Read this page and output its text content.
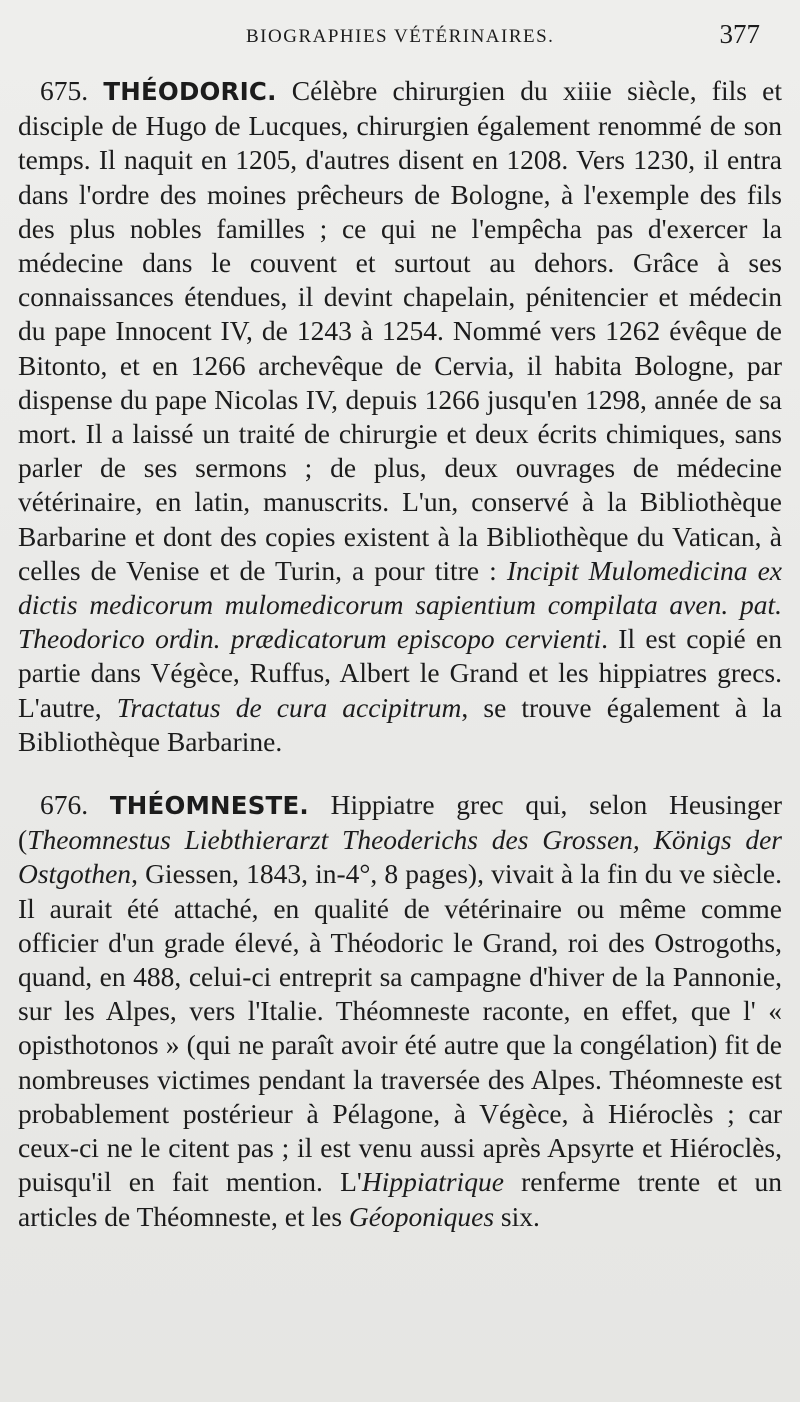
BIOGRAPHIES VÉTÉRINAIRES.	377

675. THÉODORIC. Célèbre chirurgien du xiiie siècle, fils et disciple de Hugo de Lucques, chirurgien également renommé de son temps. Il naquit en 1205, d'autres disent en 1208. Vers 1230, il entra dans l'ordre des moines prêcheurs de Bologne, à l'exemple des fils des plus nobles familles ; ce qui ne l'empêcha pas d'exercer la médecine dans le couvent et surtout au dehors. Grâce à ses connaissances étendues, il devint chapelain, pénitencier et médecin du pape Innocent IV, de 1243 à 1254. Nommé vers 1262 évêque de Bitonto, et en 1266 archevêque de Cervia, il habita Bologne, par dispense du pape Nicolas IV, depuis 1266 jusqu'en 1298, année de sa mort. Il a laissé un traité de chirurgie et deux écrits chimiques, sans parler de ses sermons ; de plus, deux ouvrages de médecine vétérinaire, en latin, manuscrits. L'un, conservé à la Bibliothèque Barbarine et dont des copies existent à la Bibliothèque du Vatican, à celles de Venise et de Turin, a pour titre : Incipit Mulomedicina ex dictis medicorum mulomedicorum sapientium compilata aven. pat. Theodorico ordin. prædicatorum episcopo cervienti. Il est copié en partie dans Végèce, Ruffus, Albert le Grand et les hippiatres grecs. L'autre, Tractatus de cura accipitrum, se trouve également à la Bibliothèque Barbarine.

676. THÉOMNESTE. Hippiatre grec qui, selon Heusinger (Theomnestus Liebthierarzt Theoderichs des Grossen, Königs der Ostgothen, Giessen, 1843, in-4°, 8 pages), vivait à la fin du ve siècle. Il aurait été attaché, en qualité de vétérinaire ou même comme officier d'un grade élevé, à Théodoric le Grand, roi des Ostrogoths, quand, en 488, celui-ci entreprit sa campagne d'hiver de la Pannonie, sur les Alpes, vers l'Italie. Théomneste raconte, en effet, que l' « opisthotonos » (qui ne paraît avoir été autre que la congélation) fit de nombreuses victimes pendant la traversée des Alpes. Théomneste est probablement postérieur à Pélagone, à Végèce, à Hiéroclès ; car ceux-ci ne le citent pas ; il est venu aussi après Apsyrte et Hiéroclès, puisqu'il en fait mention. L'Hippiatrique renferme trente et un articles de Théomneste, et les Géoponiques six.
